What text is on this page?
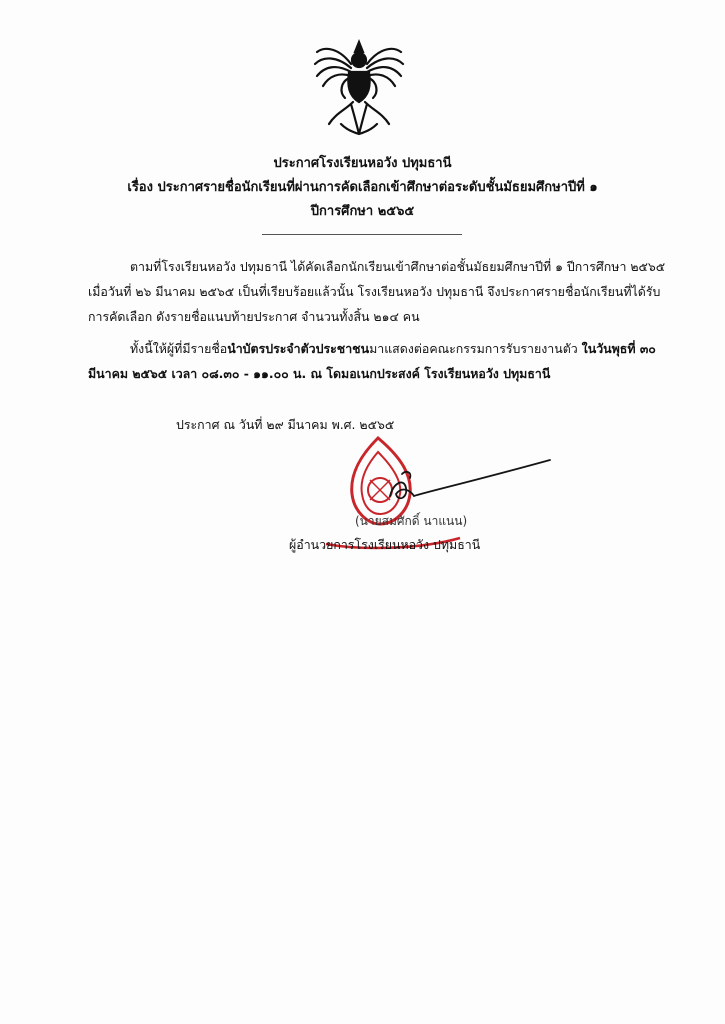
ประกาศโรงเรียนหอวัง ปทุมธานี
เรื่อง ประกาศรายชื่อนักเรียนที่ผ่านการคัดเลือกเข้าศึกษาต่อระดับชั้นมัธยมศึกษาปีที่ ๑
ปีการศึกษา ๒๕๖๕
ตามที่โรงเรียนหอวัง ปทุมธานี ได้คัดเลือกนักเรียนเข้าศึกษาต่อชั้นมัธยมศึกษาปีที่ ๑ ปีการศึกษา ๒๕๖๕
เมื่อวันที่ ๒๖ มีนาคม ๒๕๖๕ เป็นที่เรียบร้อยแล้วนั้น โรงเรียนหอวัง ปทุมธานี จึงประกาศรายชื่อนักเรียนที่ได้รับ
การคัดเลือก ดังรายชื่อแนบท้ายประกาศ จำนวนทั้งสิ้น ๒๑๔ คน
ทั้งนี้ให้ผู้ที่มีรายชื่อนำบัตรประจำตัวประชาชนมาแสดงต่อคณะกรรมการรับรายงานตัว ในวันพุธที่ ๓๐
มีนาคม ๒๕๖๕ เวลา ๐๘.๓๐ - ๑๑.๐๐ น. ณ โดมอเนกประสงค์ โรงเรียนหอวัง ปทุมธานี
ประกาศ ณ วันที่ ๒๙ มีนาคม พ.ศ. ๒๕๖๕
(นายสมศักดิ์ นาแนน)
ผู้อำนวยการโรงเรียนหอวัง ปทุมธานี
